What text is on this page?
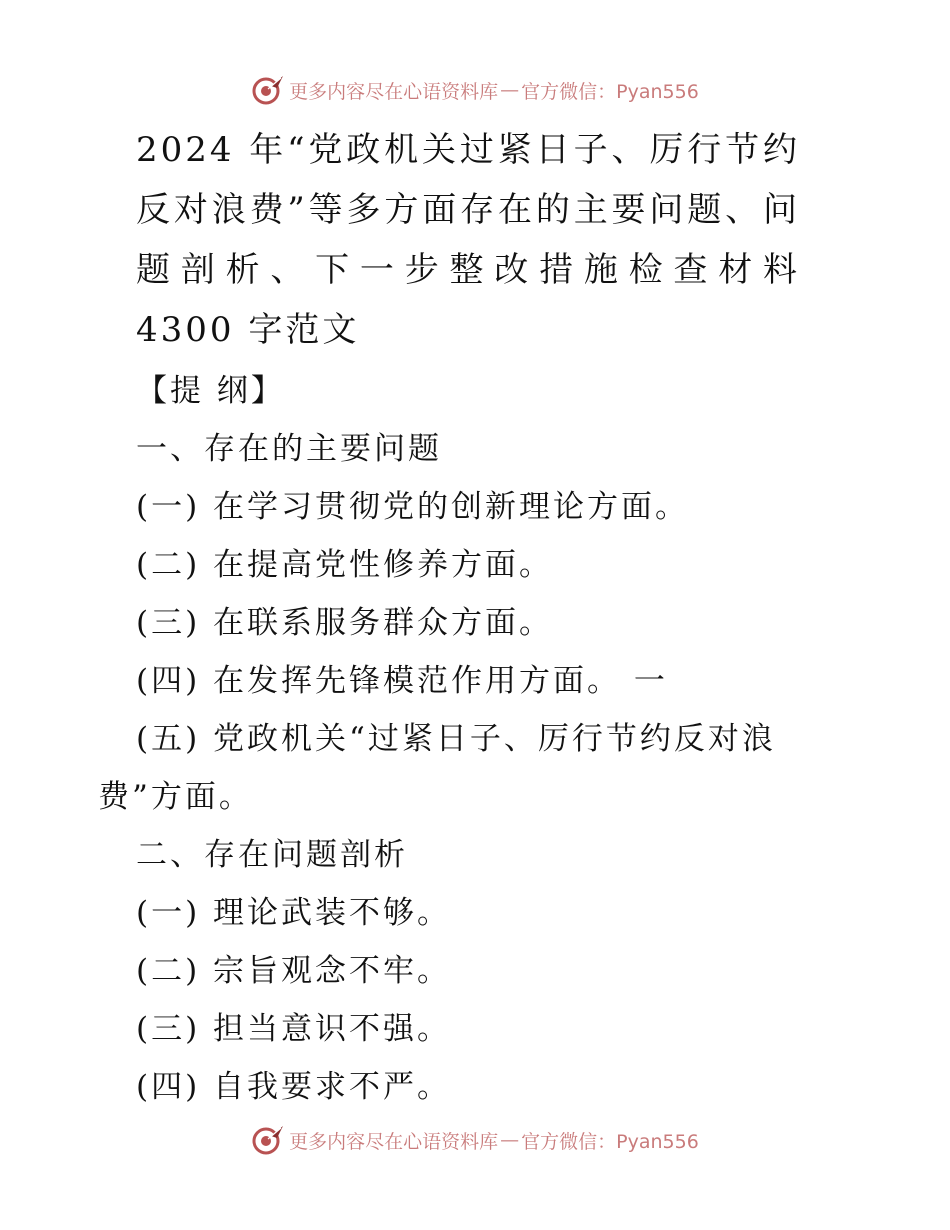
更多内容尽在心语资料库 — 官方微信：Pyan556
2024 年“党政机关过紧日子、厉行节约反对浪费”等多方面存在的主要问题、问题剖析、下一步整改措施检查材料 4300 字范文
【提 纲】
一、存在的主要问题
(一) 在学习贯彻党的创新理论方面。
(二) 在提高党性修养方面。
(三) 在联系服务群众方面。
(四) 在发挥先锋模范作用方面。 一
(五) 党政机关“过紧日子、厉行节约反对浪
费”方面。
二、存在问题剖析
(一) 理论武装不够。
(二) 宗旨观念不牢。
(三) 担当意识不强。
(四) 自我要求不严。
更多内容尽在心语资料库 — 官方微信：Pyan556
